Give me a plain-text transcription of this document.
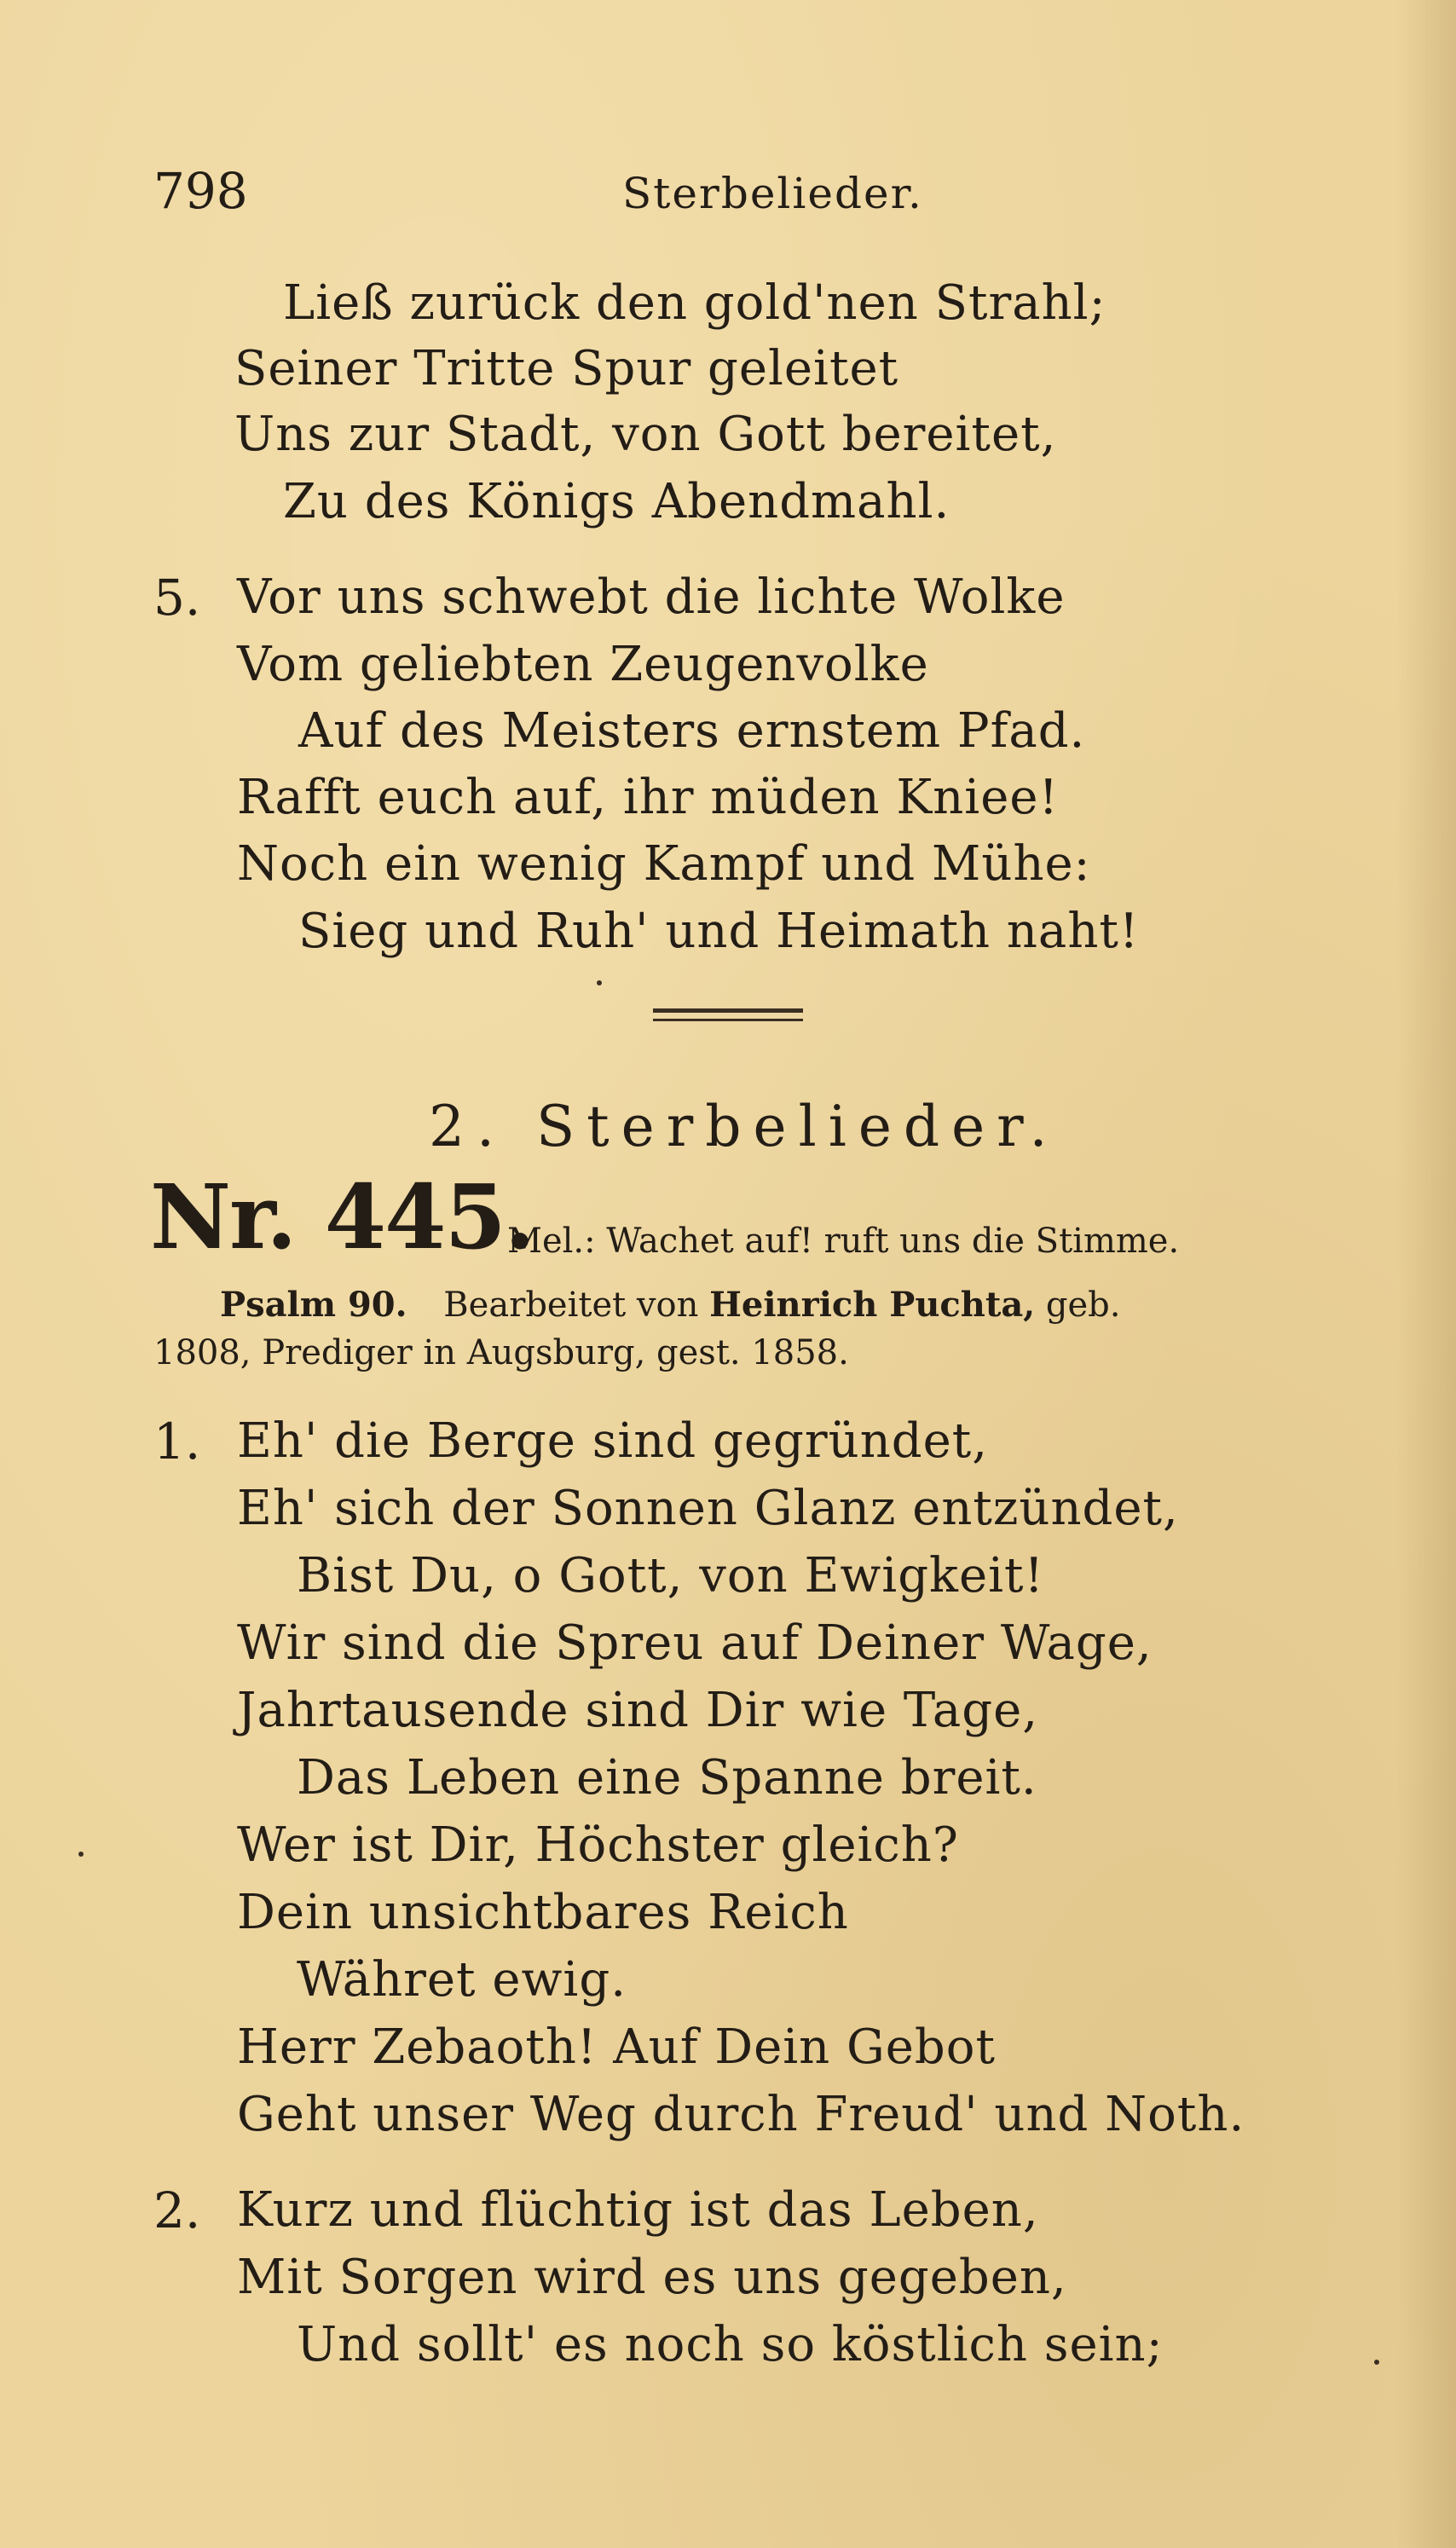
798	Sterbelieder.
Ließ zurück den gold'nen Strahl;
Seiner Tritte Spur geleitet
Uns zur Stadt, von Gott bereitet,
Zu des Königs Abendmahl.
5. Vor uns schwebt die lichte Wolke
Vom geliebten Zeugenvolke
Auf des Meisters ernstem Pfad.
Rafft euch auf, ihr müden Kniee!
Noch ein wenig Kampf und Mühe:
Sieg und Ruh' und Heimath naht!
2. Sterbelieder.
Nr. 445.
Mel.: Wachet auf! ruft uns die Stimme.
Psalm 90. Bearbeitet von Heinrich Puchta, geb.
1808, Prediger in Augsburg, gest. 1858.
1. Eh' die Berge sind gegründet,
Eh' sich der Sonnen Glanz entzündet,
Bist Du, o Gott, von Ewigkeit!
Wir sind die Spreu auf Deiner Wage,
Jahrtausende sind Dir wie Tage,
Das Leben eine Spanne breit.
Wer ist Dir, Höchster gleich?
Dein unsichtbares Reich
Währet ewig.
Herr Zebaoth! Auf Dein Gebot
Geht unser Weg durch Freud' und Noth.
2. Kurz und flüchtig ist das Leben,
Mit Sorgen wird es uns gegeben,
Und sollt' es noch so köstlich sein;
